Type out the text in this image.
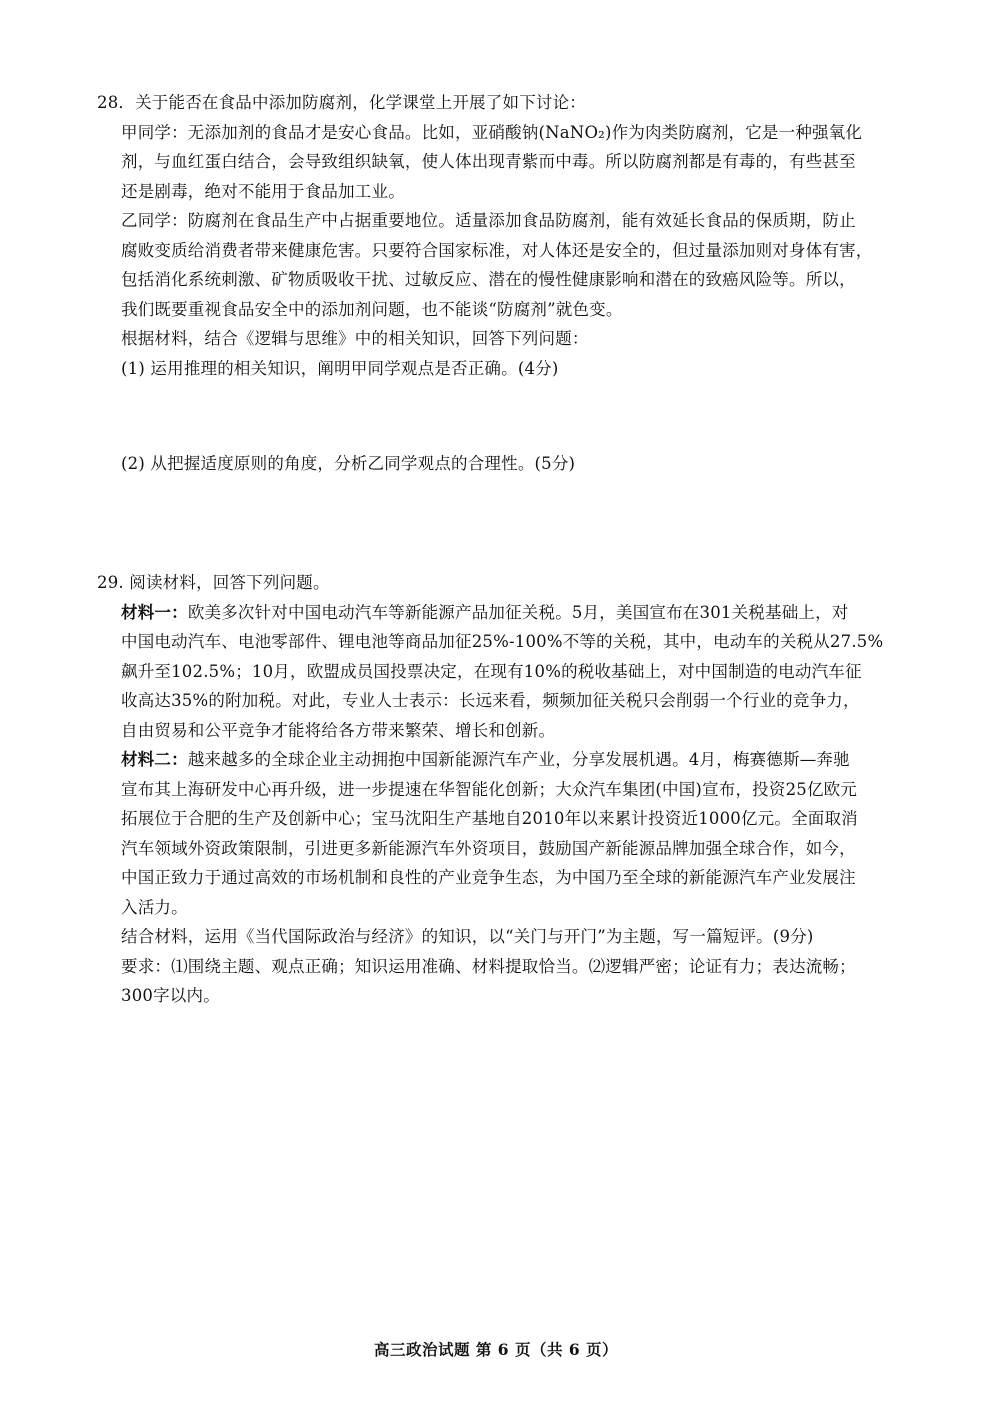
28．关于能否在食品中添加防腐剂，化学课堂上开展了如下讨论：
甲同学：无添加剂的食品才是安心食品。比如，亚硝酸钠(NaNO₂)作为肉类防腐剂，它是一种强氧化
剂，与血红蛋白结合，会导致组织缺氧，使人体出现青紫而中毒。所以防腐剂都是有毒的，有些甚至
还是剧毒，绝对不能用于食品加工业。
乙同学：防腐剂在食品生产中占据重要地位。适量添加食品防腐剂，能有效延长食品的保质期，防止
腐败变质给消费者带来健康危害。只要符合国家标准，对人体还是安全的，但过量添加则对身体有害，
包括消化系统刺激、矿物质吸收干扰、过敏反应、潜在的慢性健康影响和潜在的致癌风险等。所以，
我们既要重视食品安全中的添加剂问题，也不能谈“防腐剂”就色变。
根据材料，结合《逻辑与思维》中的相关知识，回答下列问题：
(1) 运用推理的相关知识，阐明甲同学观点是否正确。(4分)
(2) 从把握适度原则的角度，分析乙同学观点的合理性。(5分)
29. 阅读材料，回答下列问题。
材料一：欧美多次针对中国电动汽车等新能源产品加征关税。5月，美国宣布在301关税基础上，对
中国电动汽车、电池零部件、锂电池等商品加征25%-100%不等的关税，其中，电动车的关税从27.5%
飙升至102.5%；10月，欧盟成员国投票决定，在现有10%的税收基础上，对中国制造的电动汽车征
收高达35%的附加税。对此，专业人士表示：长远来看，频频加征关税只会削弱一个行业的竞争力，
自由贸易和公平竞争才能将给各方带来繁荣、增长和创新。
材料二：越来越多的全球企业主动拥抱中国新能源汽车产业，分享发展机遇。4月，梅赛德斯—奔驰
宣布其上海研发中心再升级，进一步提速在华智能化创新；大众汽车集团(中国)宣布，投资25亿欧元
拓展位于合肥的生产及创新中心；宝马沈阳生产基地自2010年以来累计投资近1000亿元。全面取消
汽车领域外资政策限制，引进更多新能源汽车外资项目，鼓励国产新能源品牌加强全球合作，如今，
中国正致力于通过高效的市场机制和良性的产业竞争生态，为中国乃至全球的新能源汽车产业发展注
入活力。
结合材料，运用《当代国际政治与经济》的知识，以“关门与开门”为主题，写一篇短评。(9分)
要求：⑴围绕主题、观点正确；知识运用准确、材料提取恰当。⑵逻辑严密；论证有力；表达流畅；
300字以内。
高三政治试题 第 6 页（共 6 页）
